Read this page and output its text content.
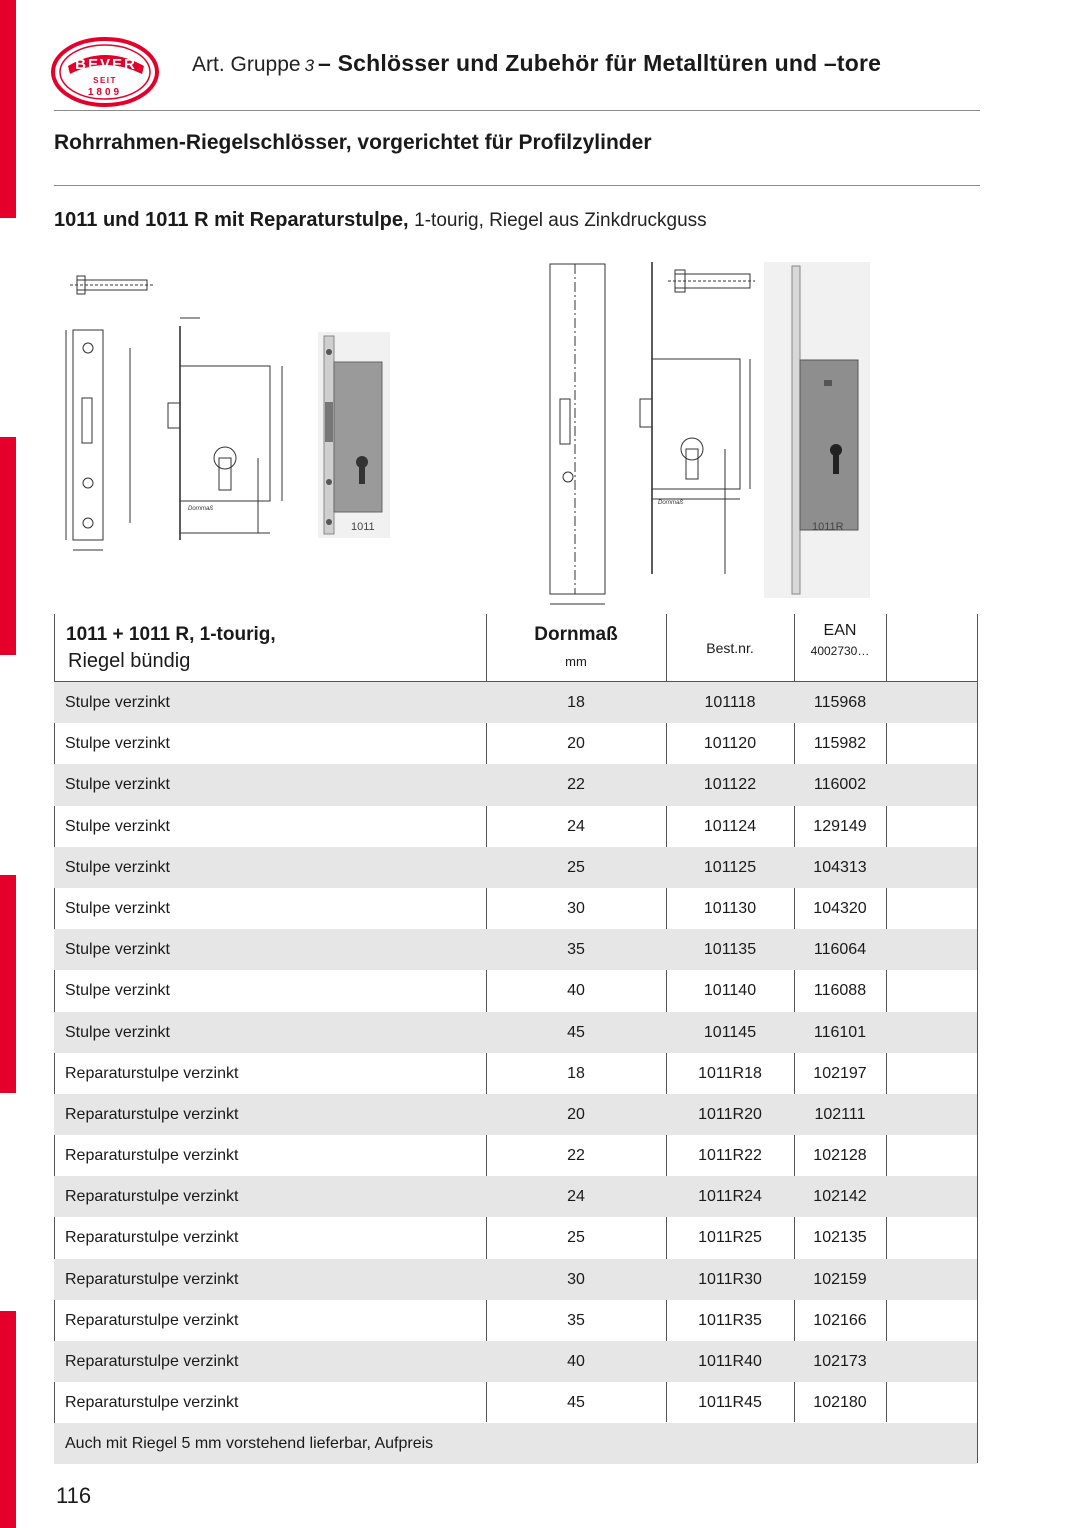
BEVER
SEIT
1809
Art. Gruppe 3 – Schlösser und Zubehör für Metalltüren und –tore
Rohrrahmen-Riegelschlösser, vorgerichtet für Profilzylinder
1011 und 1011 R mit Reparaturstulpe, 1-tourig, Riegel aus Zinkdruckguss
Dornmaß
1011
Dornmaß
1011R
1011 + 1011 R, 1-tourig,
Riegel bündig
Dornmaß
mm
Best.nr.
EAN
4002730…
Stulpe verzinkt	18	101118	115968
Stulpe verzinkt	20	101120	115982
Stulpe verzinkt	22	101122	116002
Stulpe verzinkt	24	101124	129149
Stulpe verzinkt	25	101125	104313
Stulpe verzinkt	30	101130	104320
Stulpe verzinkt	35	101135	116064
Stulpe verzinkt	40	101140	116088
Stulpe verzinkt	45	101145	116101
Reparaturstulpe verzinkt	18	1011R18	102197
Reparaturstulpe verzinkt	20	1011R20	102111
Reparaturstulpe verzinkt	22	1011R22	102128
Reparaturstulpe verzinkt	24	1011R24	102142
Reparaturstulpe verzinkt	25	1011R25	102135
Reparaturstulpe verzinkt	30	1011R30	102159
Reparaturstulpe verzinkt	35	1011R35	102166
Reparaturstulpe verzinkt	40	1011R40	102173
Reparaturstulpe verzinkt	45	1011R45	102180
Auch mit Riegel 5 mm vorstehend lieferbar, Aufpreis
116
